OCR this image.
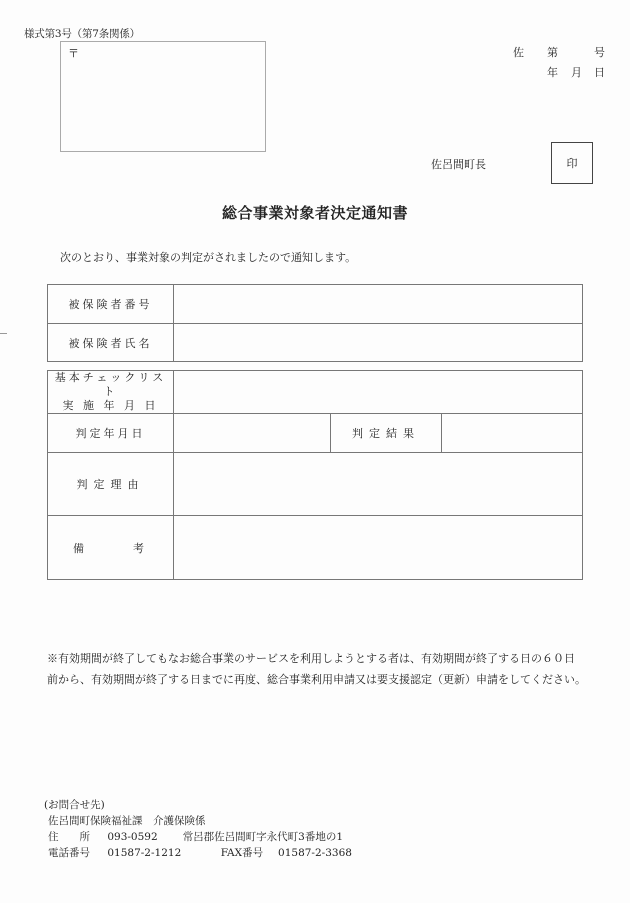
様式第3号（第7条関係）
〒	佐 第	号
年 月 日
佐呂間町長	印
総合事業対象者決定通知書
次のとおり、事業対象の判定がされましたので通知します。
被保険者番号	
被保険者氏名	
基本チェックリスト
実 施 年 月 日			

判定年月日		判定結果	
判定理由			
備　　　考			
※有効期間が終了してもなお総合事業のサービスを利用しようとする者は、有効期間が終了する日の６０日
前から、有効期間が終了する日までに再度、総合事業利用申請又は要支援認定（更新）申請をしてください。
(お問合せ先)
佐呂間町保険福祉課　介護保険係
住　　所 093-0592 常呂郡佐呂間町字永代町3番地の1
電話番号 01587-2-1212	FAX番号 01587-2-3368
